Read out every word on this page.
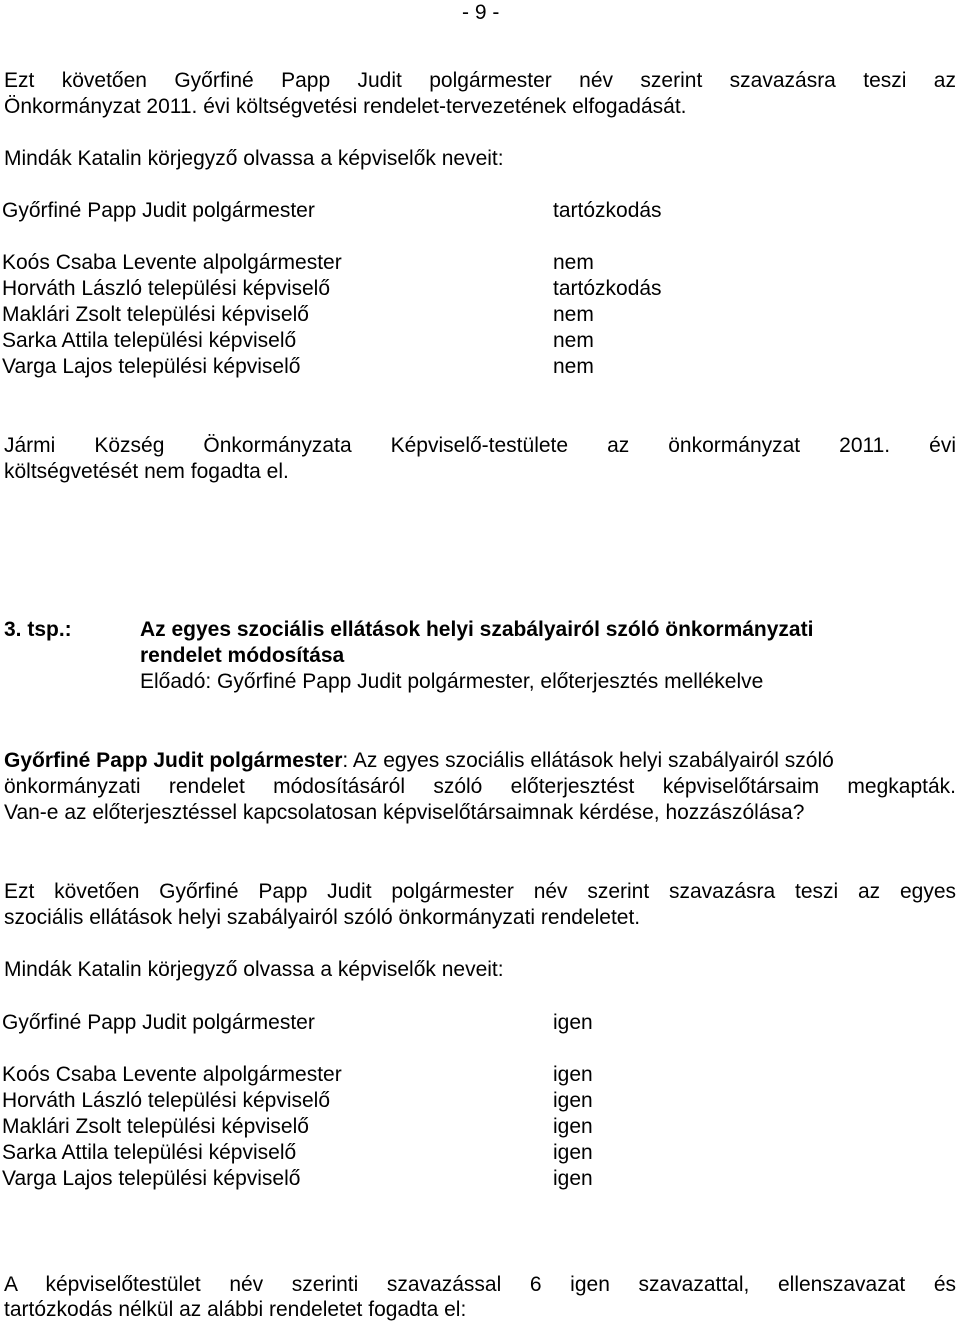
- 9 -
Ezt követően Győrfiné Papp Judit polgármester név szerint szavazásra teszi az
Önkormányzat 2011. évi költségvetési rendelet-tervezetének elfogadását.
Mindák Katalin körjegyző olvassa a képviselők neveit:
Győrfiné Papp Judit polgármester	tartózkodás
Koós Csaba Levente alpolgármester	nem
Horváth László települési képviselő	tartózkodás
Maklári Zsolt települési képviselő	nem
Sarka Attila települési képviselő	nem
Varga Lajos települési képviselő	nem
Jármi Község Önkormányzata Képviselő-testülete az önkormányzat 2011. évi
költségvetését nem fogadta el.
3. tsp.:	Az egyes szociális ellátások helyi szabályairól szóló önkormányzati
rendelet módosítása
Előadó: Győrfiné Papp Judit polgármester, előterjesztés mellékelve
Győrfiné Papp Judit polgármester: Az egyes szociális ellátások helyi szabályairól szóló
önkormányzati rendelet módosításáról szóló előterjesztést képviselőtársaim megkapták.
Van-e az előterjesztéssel kapcsolatosan képviselőtársaimnak kérdése, hozzászólása?
Ezt követően Győrfiné Papp Judit polgármester név szerint szavazásra teszi az egyes
szociális ellátások helyi szabályairól szóló önkormányzati rendeletet.
Mindák Katalin körjegyző olvassa a képviselők neveit:
Győrfiné Papp Judit polgármester	igen
Koós Csaba Levente alpolgármester	igen
Horváth László települési képviselő	igen
Maklári Zsolt települési képviselő	igen
Sarka Attila települési képviselő	igen
Varga Lajos települési képviselő	igen
A képviselőtestület név szerinti szavazással 6 igen szavazattal, ellenszavazat és
tartózkodás nélkül az alábbi rendeletet fogadta el:
